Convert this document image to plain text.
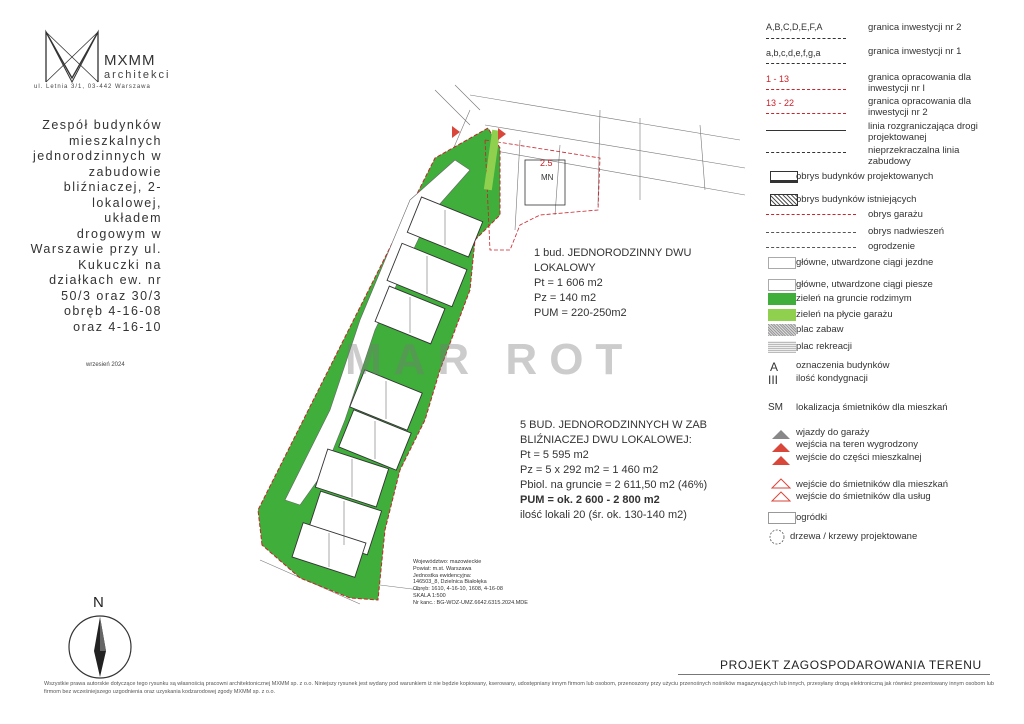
MXMM
architekci
ul. Letnia 3/1, 03-442 Warszawa

Zespół budynków mieszkalnych jednorodzinnych w zabudowie bliźniaczej, 2-lokalowej, układem drogowym w Warszawie przy ul. Kukuczki na działkach ew. nr 50/3 oraz 30/3 obręb 4-16-08 oraz 4-16-10

wrzesień 2024
N
2.5
MN
MAR ROT
1 bud. JEDNORODZINNY DWU
LOKALOWY
Pt = 1 606 m2
Pz = 140 m2
PUM = 220-250m2
5 BUD. JEDNORODZINNYCH W ZAB
BLIŹNIACZEJ DWU LOKALOWEJ:
Pt = 5 595 m2
Pz = 5 x 292 m2 = 1 460 m2
Pbiol. na gruncie = 2 611,50 m2 (46%)
PUM = ok. 2 600 - 2 800 m2
ilość lokali 20 (śr. ok. 130-140 m2)
Województwo: mazowieckie
Powiat: m.st. Warszawa
Jednostka ewidencyjna:
146503_8, Dzielnica Białołęka
Obręb: 1610, 4-16-10, 1608, 4-16-08
SKALA 1:500
Nr kanc.: BG-WOZ-UMZ.6642.6315.2024.MDE
A,B,C,D,E,F,A	granica inwestycji nr 2
a,b,c,d,e,f,g,a	granica inwestycji nr 1
1 - 13	granica opracowania dla inwestycji nr I
13 - 22	granica opracowania dla inwestycji nr 2
linia rozgraniczająca drogi projektowanej
nieprzekraczalna linia zabudowy
obrys budynków projektowanych
obrys budynków istniejących
obrys garażu
obrys nadwieszeń
ogrodzenie
główne, utwardzone ciągi jezdne
główne, utwardzone ciągi piesze
zieleń na gruncie rodzimym
zieleń na płycie garażu
plac zabaw
plac rekreacji
A oznaczenia budynków
III ilość kondygnacji
SM lokalizacja śmietników dla mieszkań
wjazdy do garaży
wejścia na teren wygrodzony
wejście do części mieszkalnej
wejście do śmietników dla mieszkań
wejście do śmietników dla usług
ogródki
drzewa / krzewy projektowane
PROJEKT ZAGOSPODAROWANIA TERENU
Wszystkie prawa autorskie dotyczące tego rysunku są własnością pracowni architektonicznej MXMM sp. z o.o. Niniejszy rysunek jest wydany pod warunkiem iż nie będzie kopiowany, kserowany, udostępniany innym firmom lub osobom, przenoszony przy użyciu przenośnych nośników magazynujących lub innych, przesyłany drogą elektroniczną jak również prezentowany innym osobom lub firmom bez wcześniejszego uzgodnienia oraz uzyskania kodzarodowej zgody MXMM sp. z o.o.
